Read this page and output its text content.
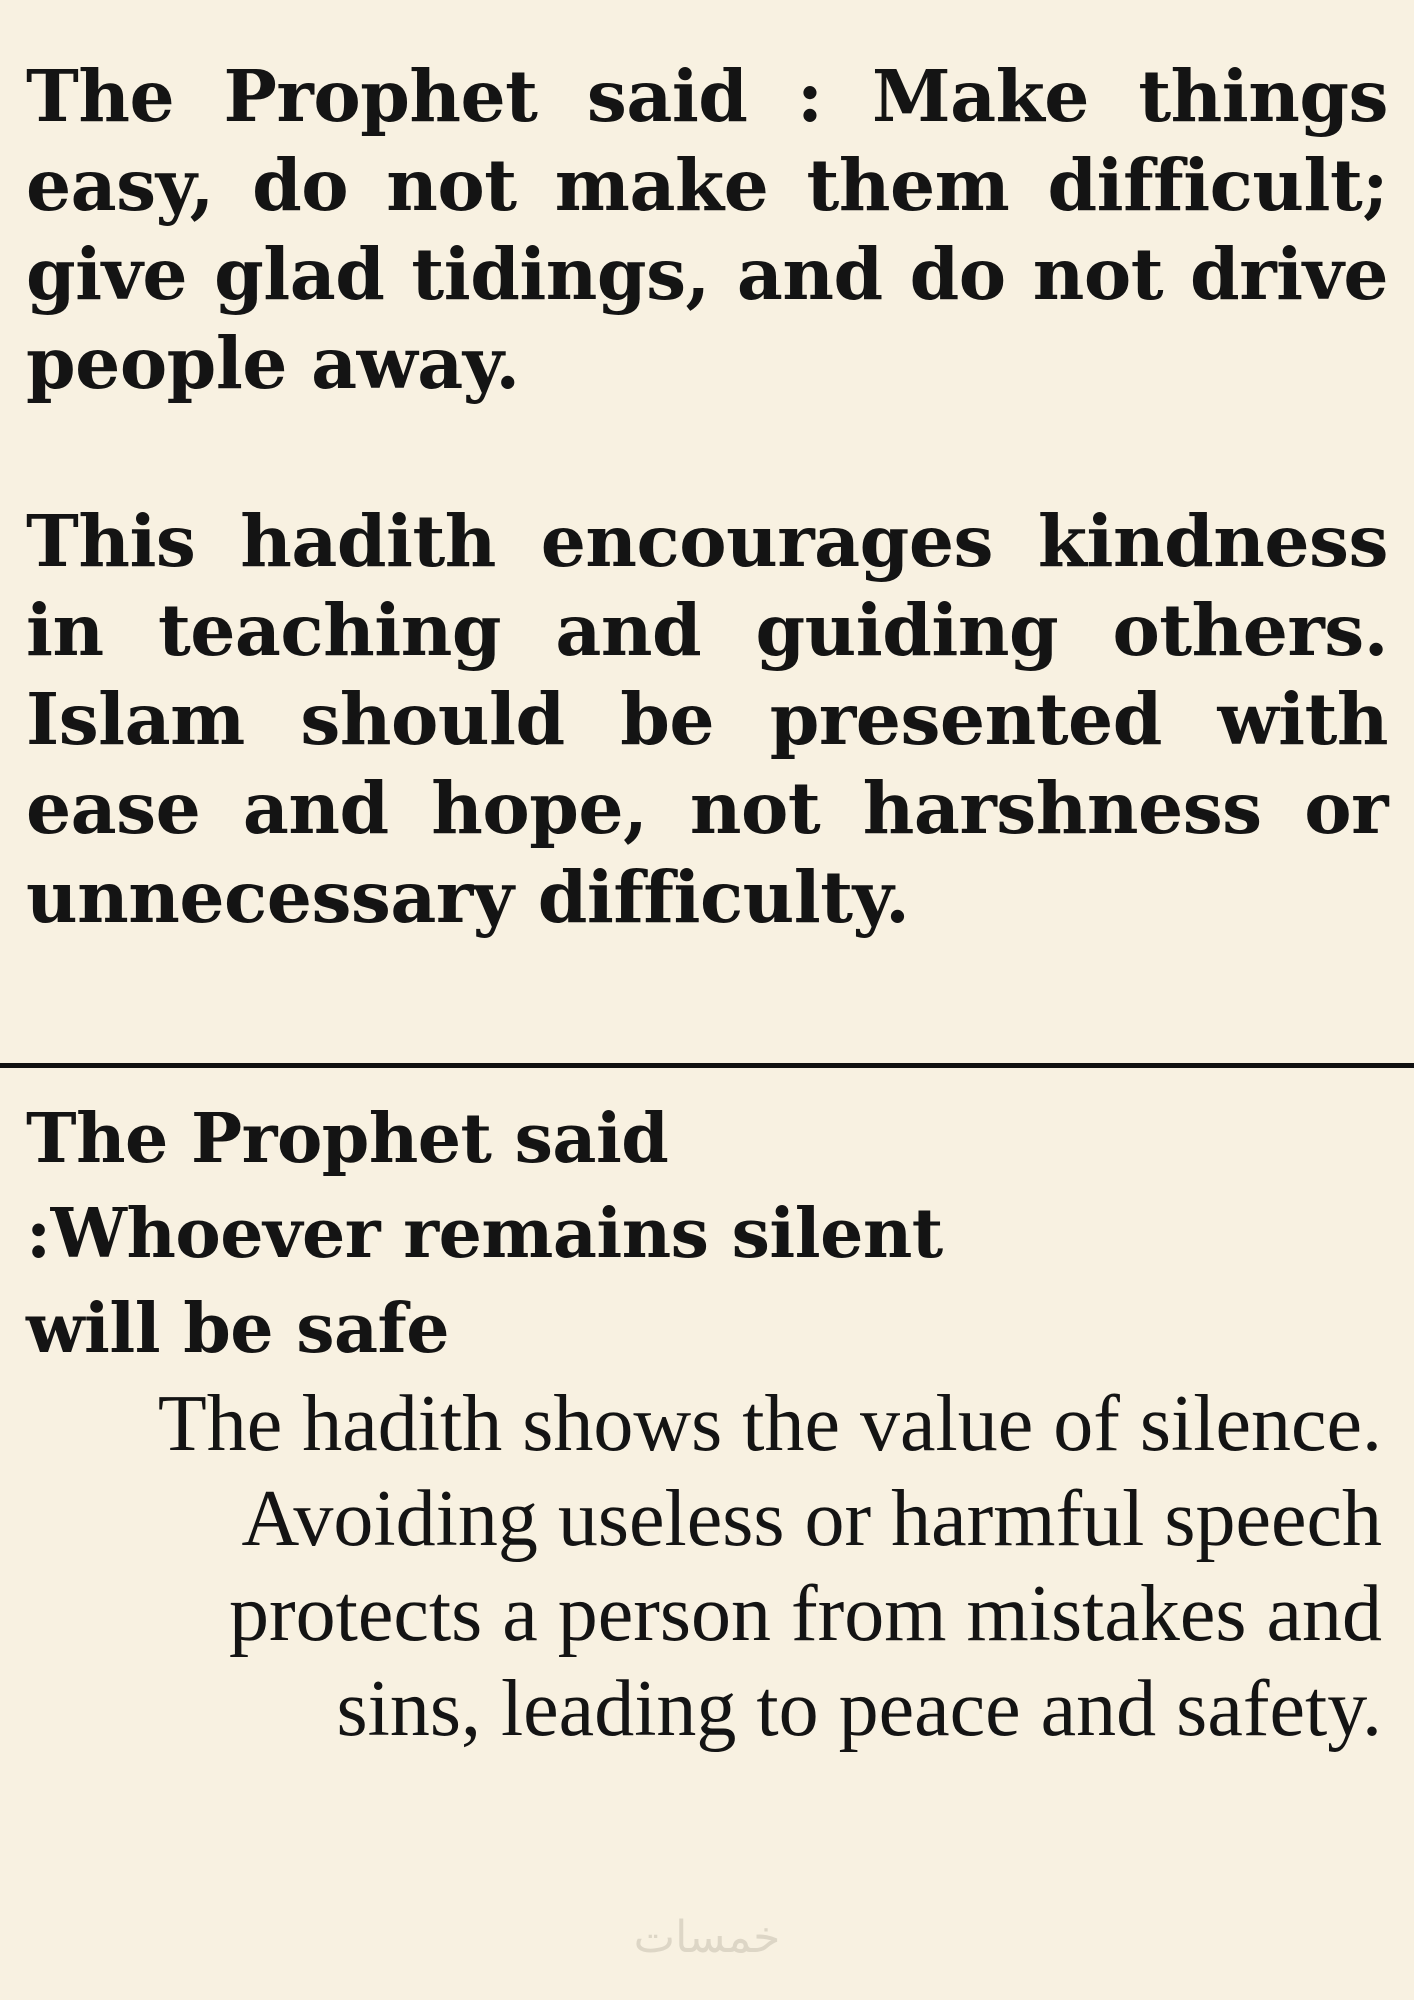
The Prophet said : Make things easy, do not make them difficult; give glad tidings, and do not drive people away.

This hadith encourages kindness in teaching and guiding others. Islam should be presented with ease and hope, not harshness or unnecessary difficulty.

The Prophet said :Whoever remains silent will be safe

The hadith shows the value of silence.
Avoiding useless or harmful speech
protects a person from mistakes and
sins, leading to peace and safety.

خمسات
